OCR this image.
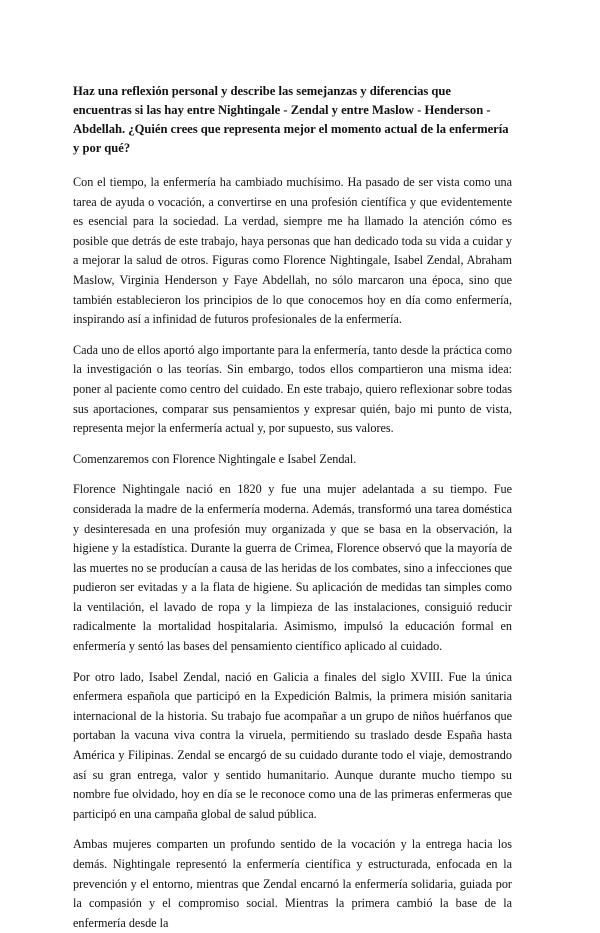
Haz una reflexión personal y describe las semejanzas y diferencias que encuentras si las hay entre Nightingale - Zendal y entre Maslow - Henderson - Abdellah. ¿Quién crees que representa mejor el momento actual de la enfermería y por qué?

Con el tiempo, la enfermería ha cambiado muchísimo. Ha pasado de ser vista como una tarea de ayuda o vocación, a convertirse en una profesión científica y que evidentemente es esencial para la sociedad. La verdad, siempre me ha llamado la atención cómo es posible que detrás de este trabajo, haya personas que han dedicado toda su vida a cuidar y a mejorar la salud de otros. Figuras como Florence Nightingale, Isabel Zendal, Abraham Maslow, Virginia Henderson y Faye Abdellah, no sólo marcaron una época, sino que también establecieron los principios de lo que conocemos hoy en día como enfermería, inspirando así a infinidad de futuros profesionales de la enfermería.

Cada uno de ellos aportó algo importante para la enfermería, tanto desde la práctica como la investigación o las teorías. Sin embargo, todos ellos compartieron una misma idea: poner al paciente como centro del cuidado. En este trabajo, quiero reflexionar sobre todas sus aportaciones, comparar sus pensamientos y expresar quién, bajo mi punto de vista, representa mejor la enfermería actual y, por supuesto, sus valores.

Comenzaremos con Florence Nightingale e Isabel Zendal.

Florence Nightingale nació en 1820 y fue una mujer adelantada a su tiempo. Fue considerada la madre de la enfermería moderna. Además, transformó una tarea doméstica y desinteresada en una profesión muy organizada y que se basa en la observación, la higiene y la estadística. Durante la guerra de Crimea, Florence observó que la mayoría de las muertes no se producían a causa de las heridas de los combates, sino a infecciones que pudieron ser evitadas y a la flata de higiene. Su aplicación de medidas tan simples como la ventilación, el lavado de ropa y la limpieza de las instalaciones, consiguió reducir radicalmente la mortalidad hospitalaria. Asimismo, impulsó la educación formal en enfermería y sentó las bases del pensamiento científico aplicado al cuidado.

Por otro lado, Isabel Zendal, nació en Galicia a finales del siglo XVIII. Fue la única enfermera española que participó en la Expedición Balmis, la primera misión sanitaria internacional de la historia. Su trabajo fue acompañar a un grupo de niños huérfanos que portaban la vacuna viva contra la viruela, permitiendo su traslado desde España hasta América y Filipinas. Zendal se encargó de su cuidado durante todo el viaje, demostrando así su gran entrega, valor y sentido humanitario. Aunque durante mucho tiempo su nombre fue olvidado, hoy en día se le reconoce como una de las primeras enfermeras que participó en una campaña global de salud pública.

Ambas mujeres comparten un profundo sentido de la vocación y la entrega hacia los demás. Nightingale representó la enfermería científica y estructurada, enfocada en la prevención y el entorno, mientras que Zendal encarnó la enfermería solidaria, guiada por la compasión y el compromiso social. Mientras la primera cambió la base de la enfermería desde la
